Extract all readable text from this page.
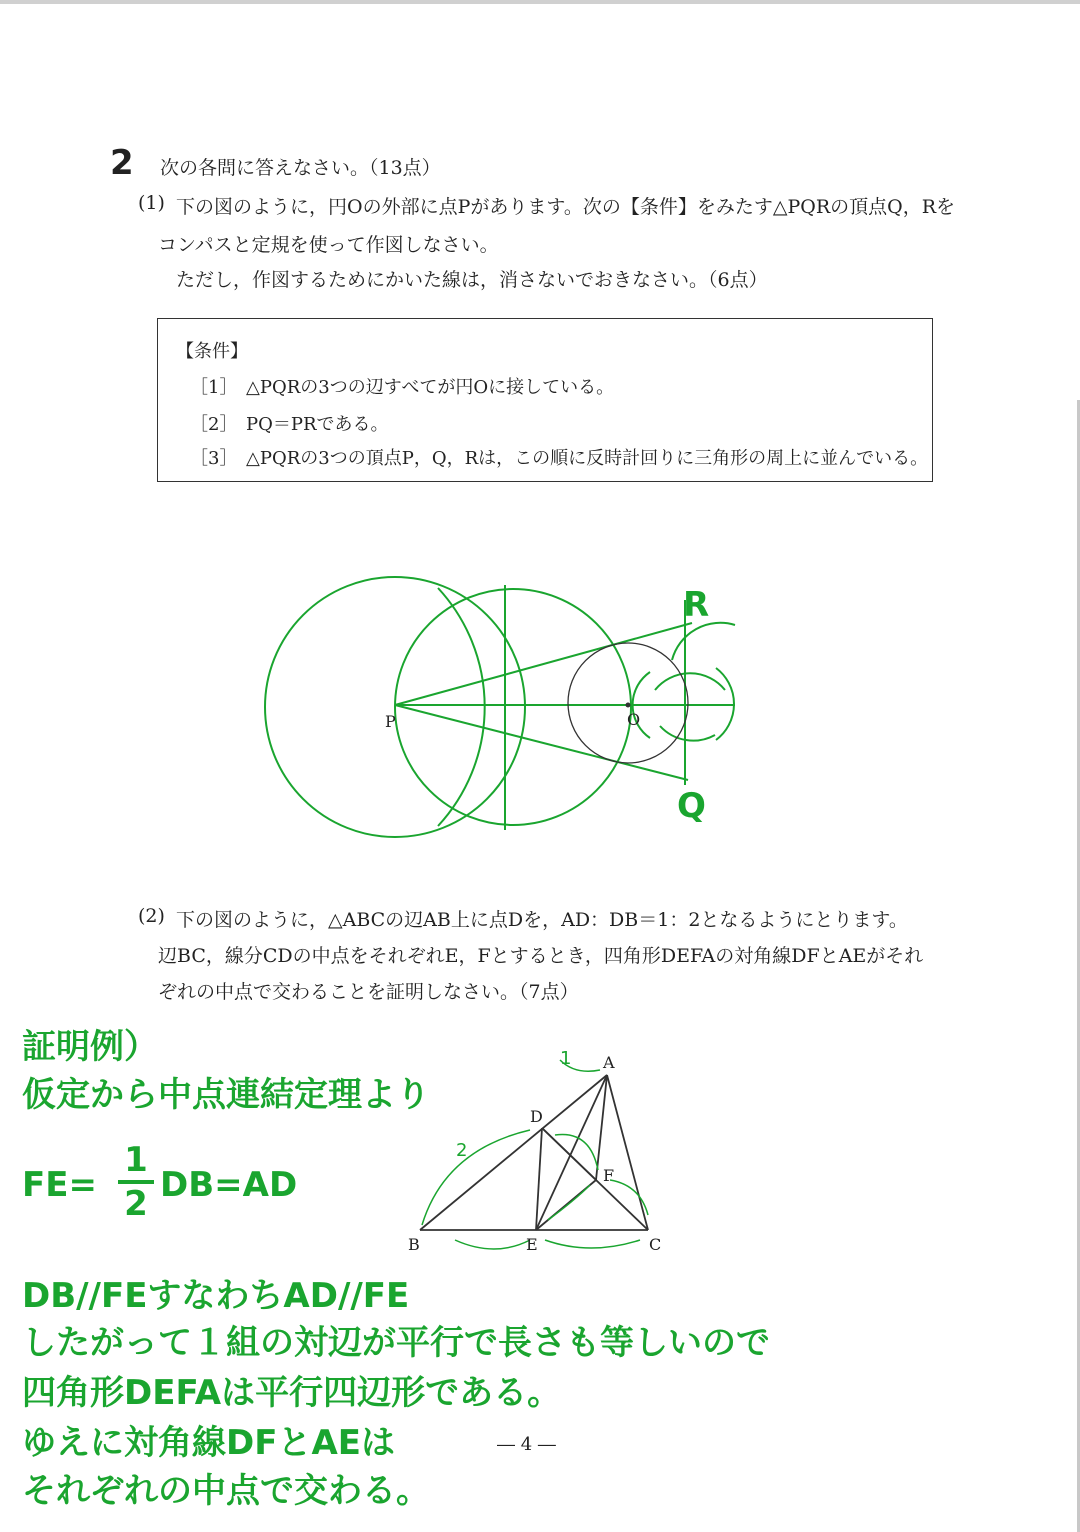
2 次の各問に答えなさい。（13点）
(1) 下の図のように，円Oの外部に点Pがあります。次の【条件】をみたす△PQRの頂点Q，Rを
コンパスと定規を使って作図しなさい。
ただし，作図するためにかいた線は，消さないでおきなさい。（6点）
【条件】
［1］ △PQRの3つの辺すべてが円Oに接している。
［2］ PQ＝PRである。
［3］ △PQRの3つの頂点P，Q，Rは，この順に反時計回りに三角形の周上に並んでいる。
P	O
R
Q
(2) 下の図のように，△ABCの辺AB上に点Dを，AD：DB＝1：2となるようにとります。
辺BC，線分CDの中点をそれぞれE，Fとするとき，四角形DEFAの対角線DFとAEがそれ
ぞれの中点で交わることを証明しなさい。（7点）
A
B	C
D
E
F
1
2
証明例）
仮定から中点連結定理より
FE=
1
2 DB=AD
DB//FEすなわちAD//FE
したがって１組の対辺が平行で長さも等しいので
四角形DEFAは平行四辺形である。
ゆえに対角線DFとAEは
それぞれの中点で交わる。
― 4 ―
